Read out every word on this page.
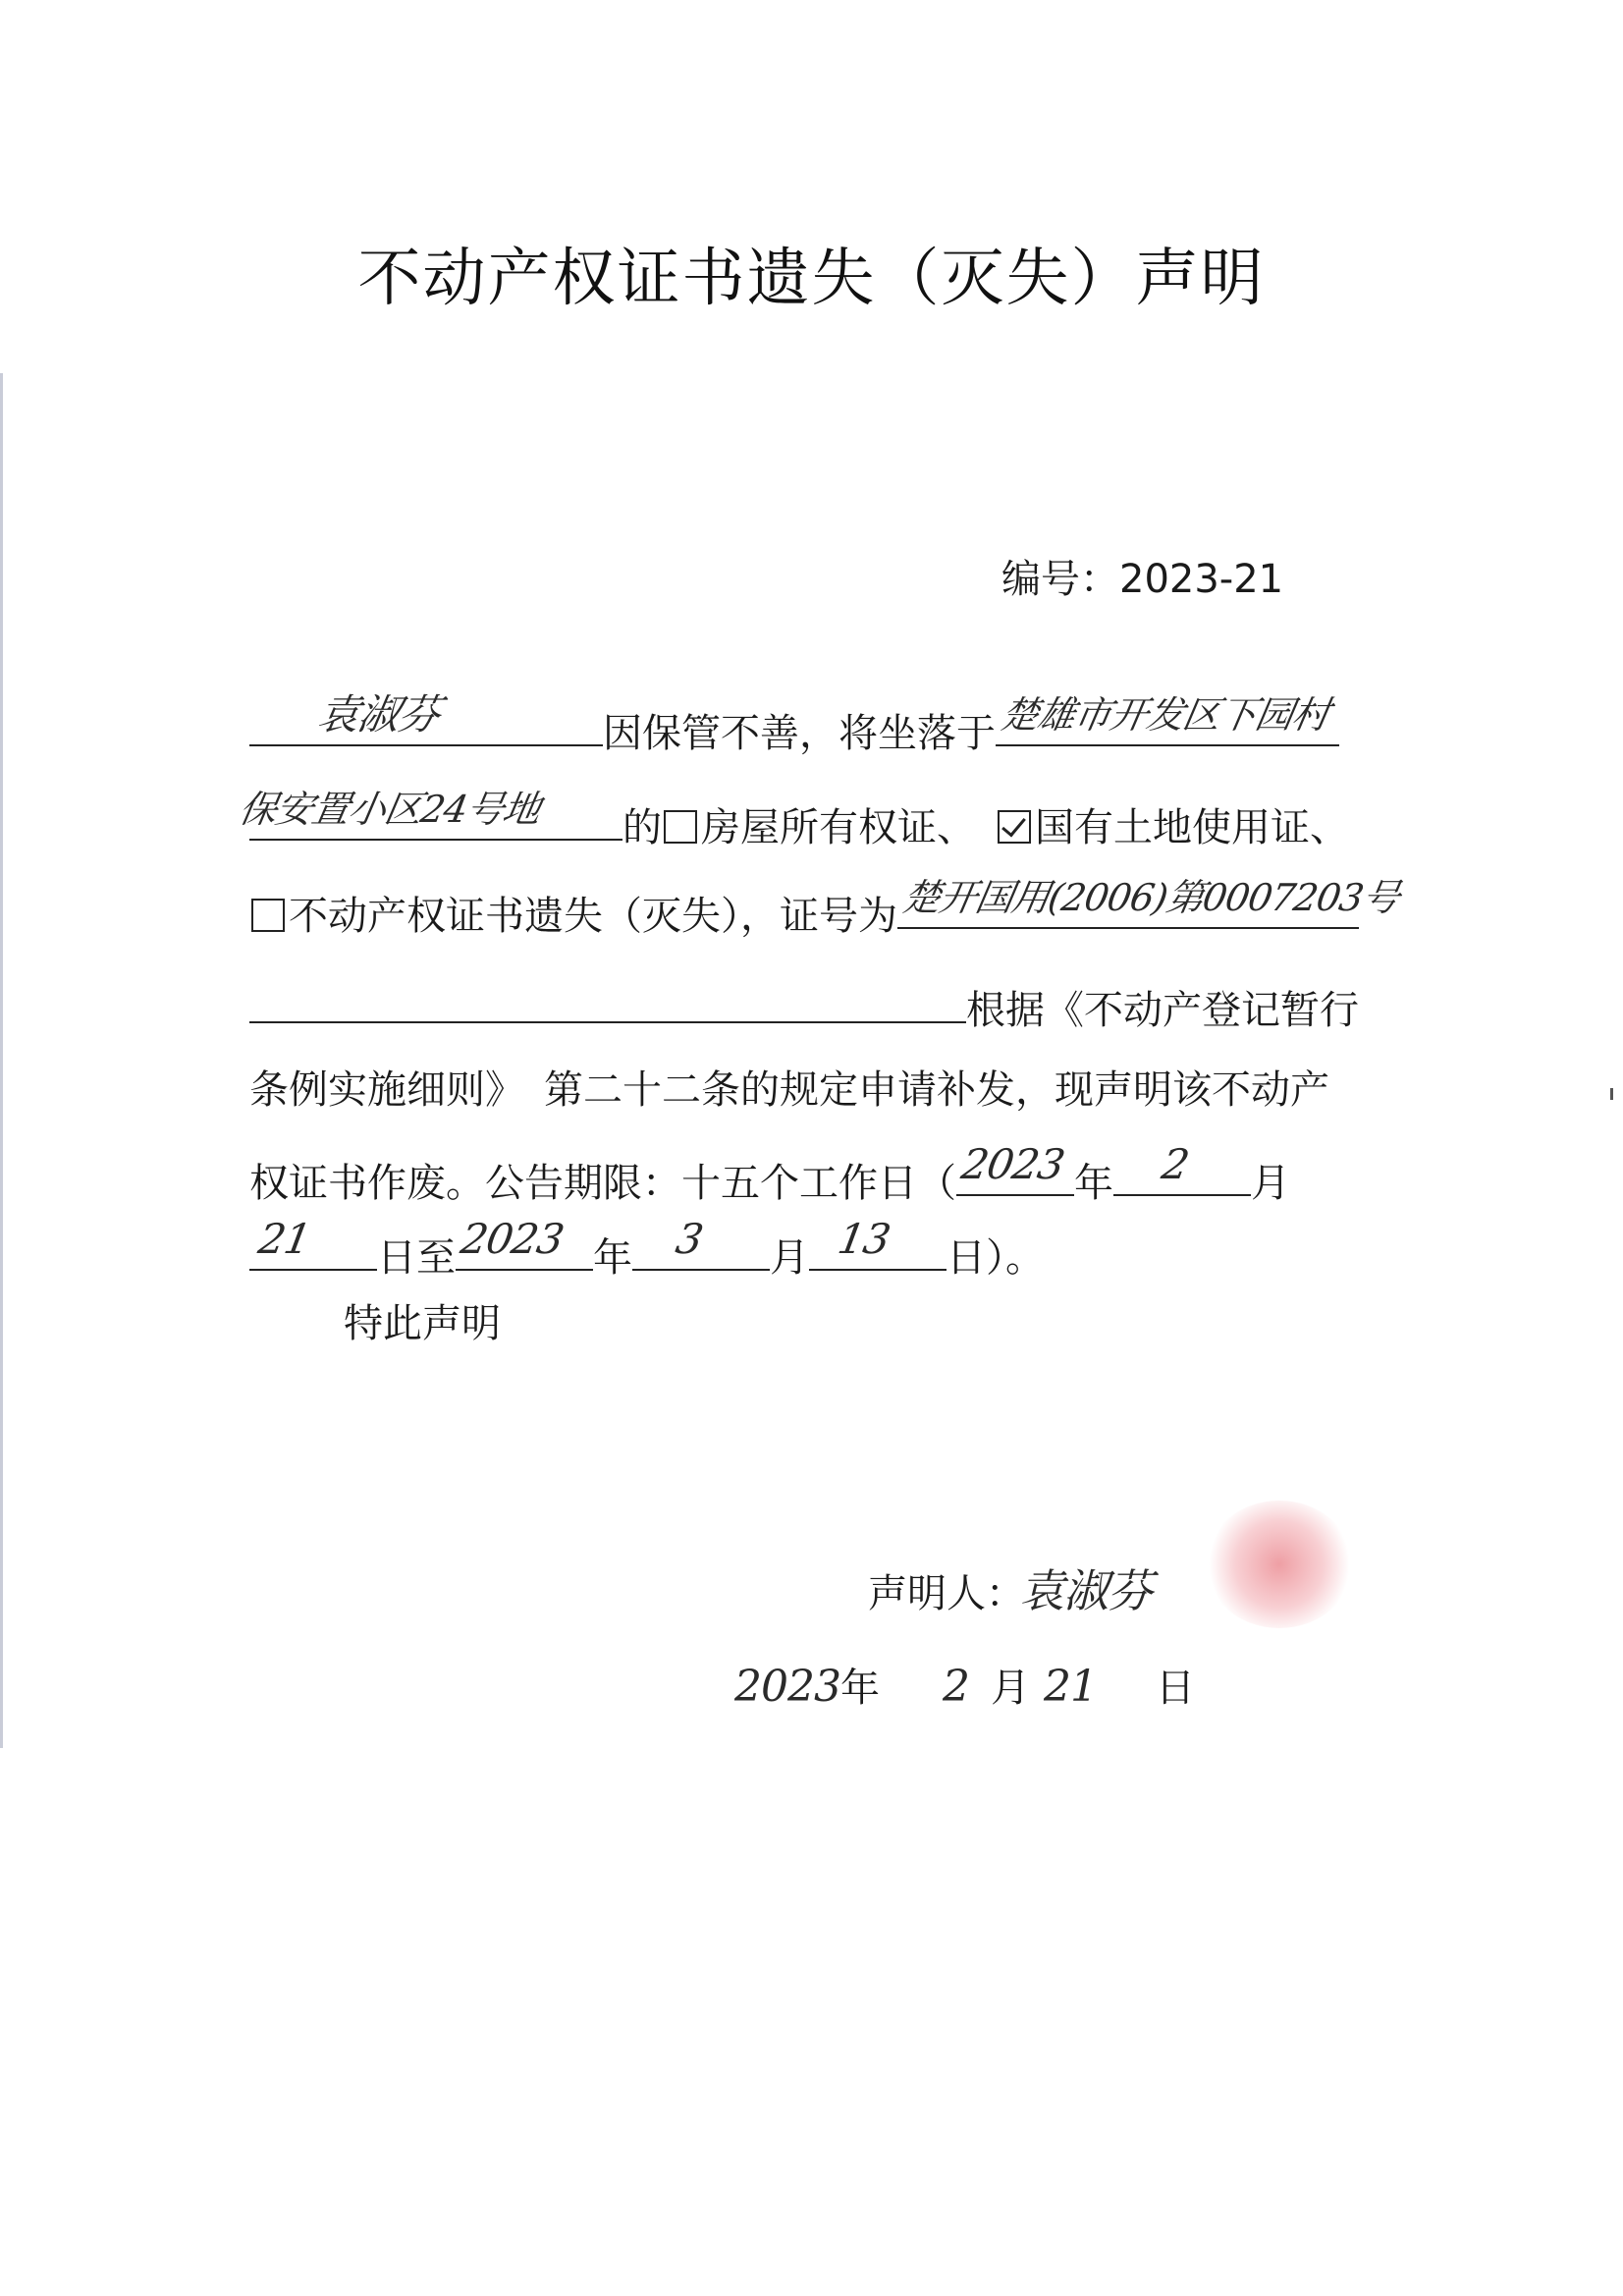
不动产权证书遗失（灭失）声明
编号：2023-21
袁淑芬	因保管不善，将坐落于 楚雄市开发区下园村
保安置小区24号地 的 房屋所有权证、 国有土地使用证、
不动产权证书遗失（灭失），证号为 楚开国用(2006)第0007203号
根据《不动产登记暂行
条例实施细则》　第二十二条的规定申请补发，现声明该不动产
权证书作废。公告期限：十五个工作日（ 2023 年 2 月
21 日至 2023 年 3 月 13 日）。
特此声明
声明人：袁淑芬
2023年 2 月 21 日
